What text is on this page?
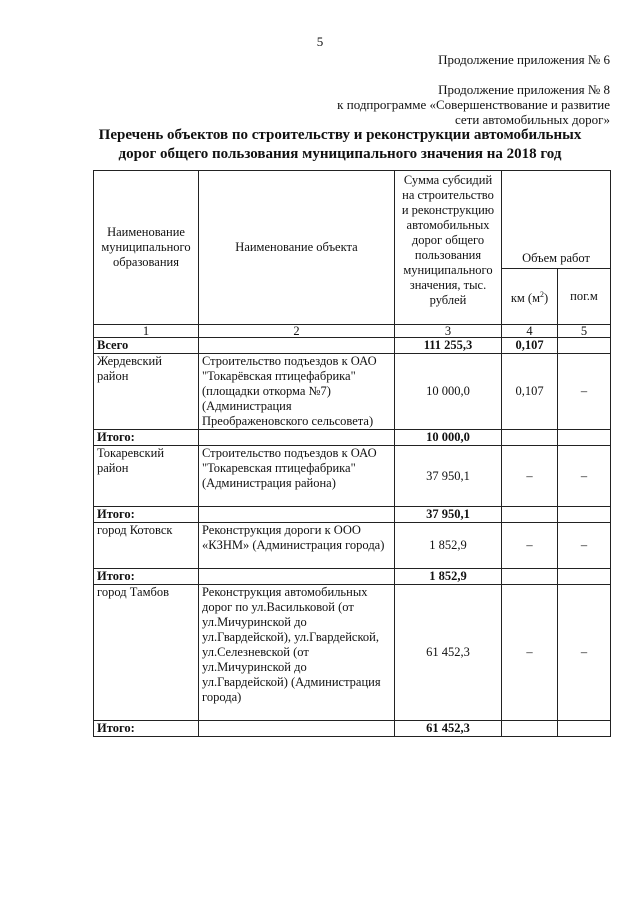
5
Продолжение приложения № 6
Продолжение приложения № 8
к подпрограмме «Совершенствование и развитие
сети автомобильных дорог»
Перечень объектов по строительству и реконструкции автомобильных
дорог общего пользования муниципального значения на 2018 год
Наименование муниципального образования	Наименование объекта	Сумма субсидий на строительство и реконструкцию автомобильных дорог общего пользования муниципального значения, тыс. рублей	Объем работ	
			км $(м^2)$	пог.м
1	2	3	4	5
Всего		111 255,3	0,107	
Жердевский район	Строительство подъездов к ОАО "Токарёвская птицефабрика" (площадки откорма №7) (Администрация Преображеновского сельсовета)	10 000,0	0,107	–
Итого:		10 000,0		
Токаревский район	Строительство подъездов к ОАО "Токаревская птицефабрика" (Администрация района)	37 950,1	–	–
Итого:		37 950,1		
город Котовск	Реконструкция дороги к ООО «КЗНМ» (Администрация города)	1 852,9	–	–
Итого:		1 852,9		
город Тамбов	Реконструкция автомобильных дорог по ул.Васильковой (от ул.Мичуринской до ул.Гвардейской), ул.Гвардейской, ул.Селезневской (от ул.Мичуринской до ул.Гвардейской) (Администрация города)	61 452,3	–	–
Итого:		61 452,3		
